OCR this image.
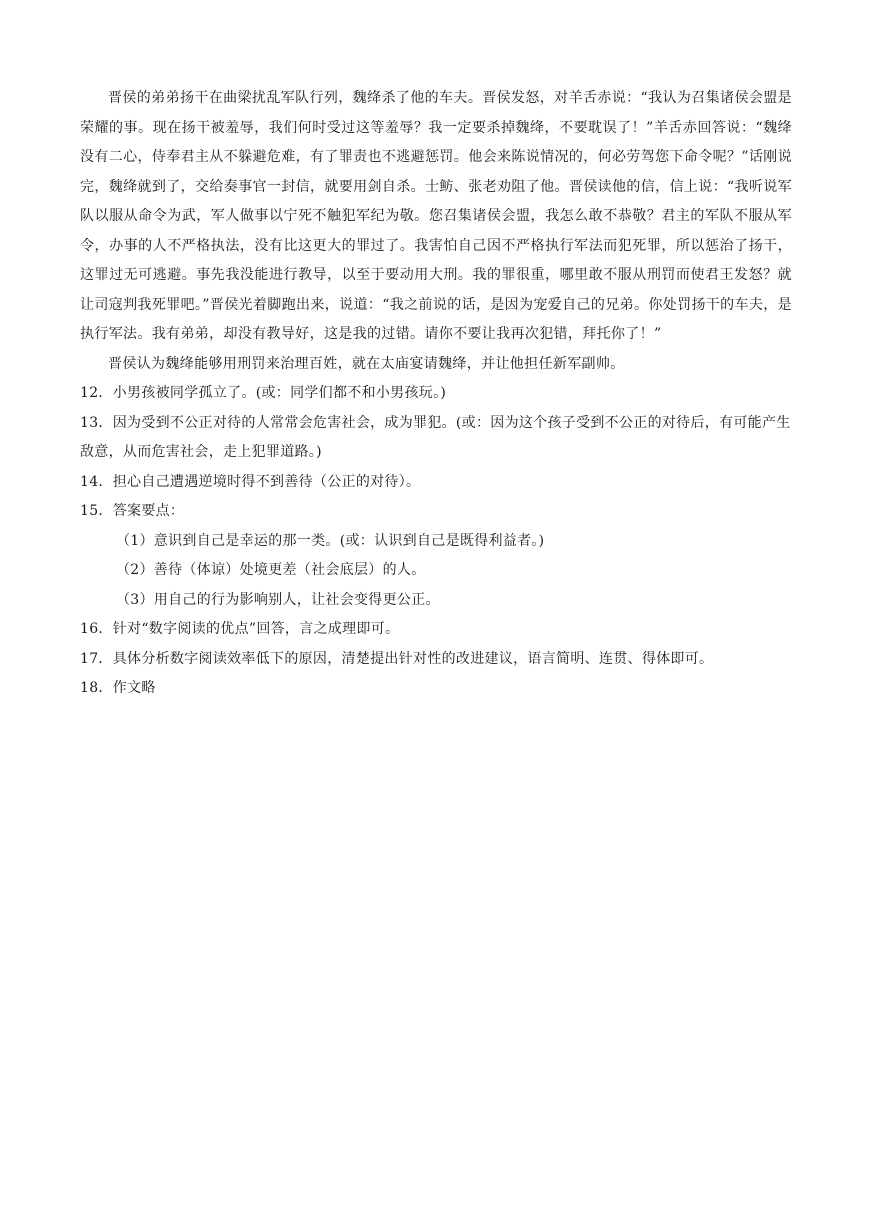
晋侯的弟弟扬干在曲梁扰乱军队行列，魏绛杀了他的车夫。晋侯发怒，对羊舌赤说：“我认为召集诸侯会盟是荣耀的事。现在扬干被羞辱，我们何时受过这等羞辱？我一定要杀掉魏绛，不要耽误了！”羊舌赤回答说：“魏绛没有二心，侍奉君主从不躲避危难，有了罪责也不逃避惩罚。他会来陈说情况的，何必劳驾您下命令呢？”话刚说完，魏绛就到了，交给奏事官一封信，就要用剑自杀。士鲂、张老劝阻了他。晋侯读他的信，信上说：“我听说军队以服从命令为武，军人做事以宁死不触犯军纪为敬。您召集诸侯会盟，我怎么敢不恭敬？君主的军队不服从军令，办事的人不严格执法，没有比这更大的罪过了。我害怕自己因不严格执行军法而犯死罪，所以惩治了扬干，这罪过无可逃避。事先我没能进行教导，以至于要动用大刑。我的罪很重，哪里敢不服从刑罚而使君王发怒？就让司寇判我死罪吧。”晋侯光着脚跑出来，说道：“我之前说的话，是因为宠爱自己的兄弟。你处罚扬干的车夫，是执行军法。我有弟弟，却没有教导好，这是我的过错。请你不要让我再次犯错，拜托你了！”

晋侯认为魏绛能够用刑罚来治理百姓，就在太庙宴请魏绛，并让他担任新军副帅。

12．小男孩被同学孤立了。(或：同学们都不和小男孩玩。)

13．因为受到不公正对待的人常常会危害社会，成为罪犯。(或：因为这个孩子受到不公正的对待后，有可能产生敌意，从而危害社会，走上犯罪道路。)

14．担心自己遭遇逆境时得不到善待（公正的对待）。

15．答案要点：

（1）意识到自己是幸运的那一类。(或：认识到自己是既得利益者。)

（2）善待（体谅）处境更差（社会底层）的人。

（3）用自己的行为影响别人，让社会变得更公正。

16．针对“数字阅读的优点”回答，言之成理即可。

17．具体分析数字阅读效率低下的原因，清楚提出针对性的改进建议，语言简明、连贯、得体即可。

18．作文略
